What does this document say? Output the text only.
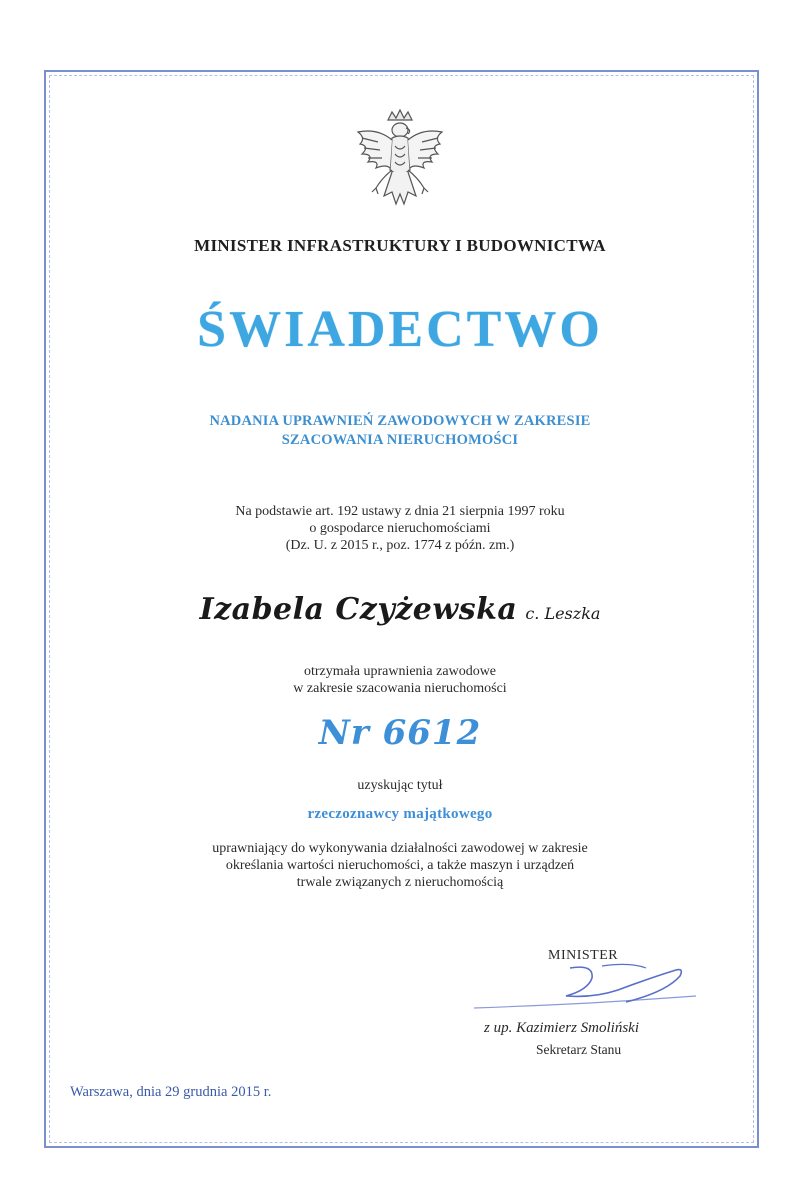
MINISTER INFRASTRUKTURY I BUDOWNICTWA
ŚWIADECTWO
NADANIA UPRAWNIEŃ ZAWODOWYCH W ZAKRESIE
SZACOWANIA NIERUCHOMOŚCI
Na podstawie art. 192 ustawy z dnia 21 sierpnia 1997 roku
o gospodarce nieruchomościami
(Dz. U. z 2015 r., poz. 1774 z późn. zm.)
Izabela Czyżewska c. Leszka
otrzymała uprawnienia zawodowe
w zakresie szacowania nieruchomości
Nr 6612
uzyskując tytuł
rzeczoznawcy majątkowego
uprawniający do wykonywania działalności zawodowej w zakresie
określania wartości nieruchomości, a także maszyn i urządzeń
trwale związanych z nieruchomością
MINISTER
z up. Kazimierz Smoliński
Sekretarz Stanu
Warszawa, dnia 29 grudnia 2015 r.
